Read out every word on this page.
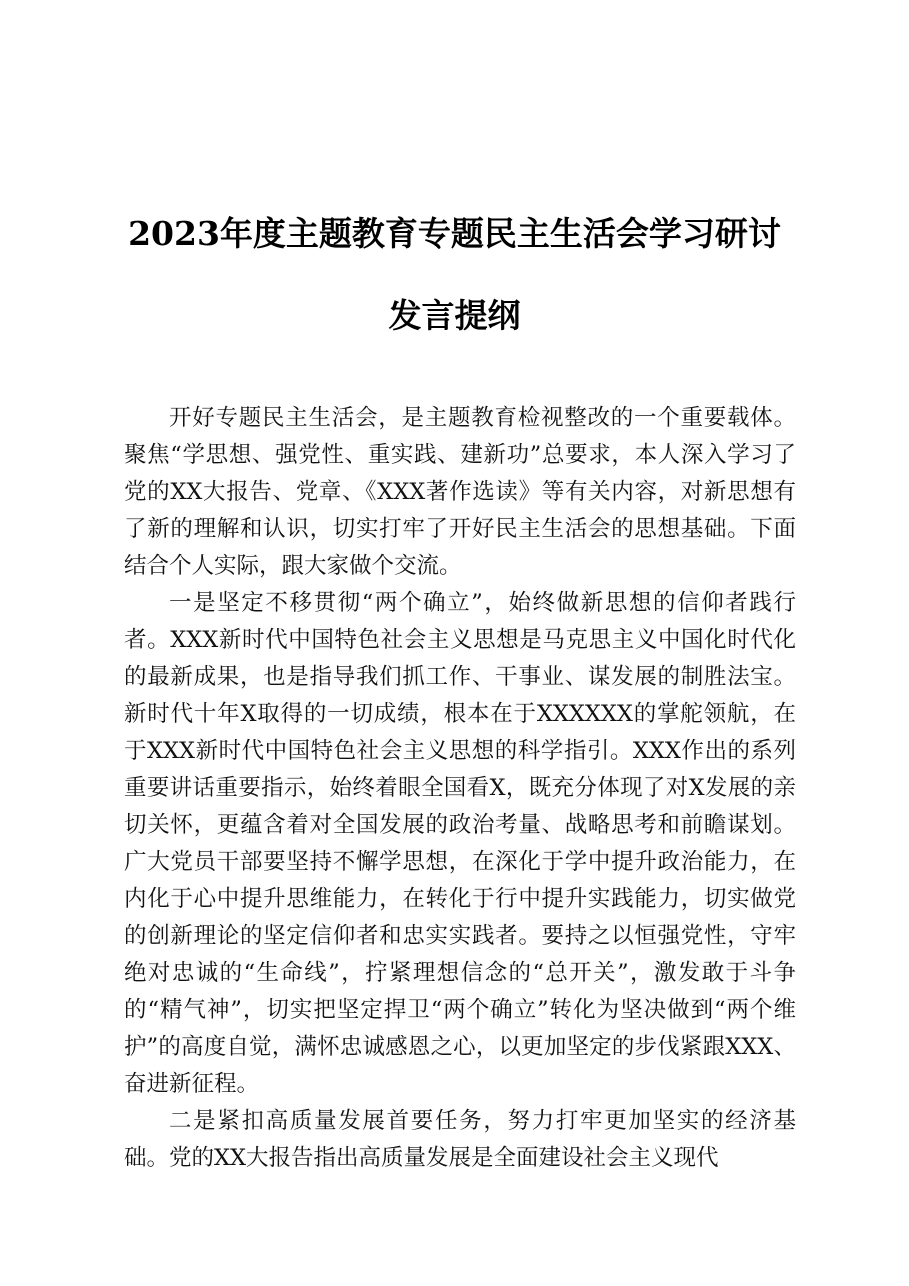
2023年度主题教育专题民主生活会学习研讨
发言提纲

开好专题民主生活会，是主题教育检视整改的一个重要载体。聚焦“学思想、强党性、重实践、建新功”总要求，本人深入学习了党的XX大报告、党章、《XXX著作选读》等有关内容，对新思想有了新的理解和认识，切实打牢了开好民主生活会的思想基础。下面结合个人实际，跟大家做个交流。

一是坚定不移贯彻“两个确立”，始终做新思想的信仰者践行者。XXX新时代中国特色社会主义思想是马克思主义中国化时代化的最新成果，也是指导我们抓工作、干事业、谋发展的制胜法宝。新时代十年X取得的一切成绩，根本在于XXXXXX的掌舵领航，在于XXX新时代中国特色社会主义思想的科学指引。XXX作出的系列重要讲话重要指示，始终着眼全国看X，既充分体现了对X发展的亲切关怀，更蕴含着对全国发展的政治考量、战略思考和前瞻谋划。广大党员干部要坚持不懈学思想，在深化于学中提升政治能力，在内化于心中提升思维能力，在转化于行中提升实践能力，切实做党的创新理论的坚定信仰者和忠实实践者。要持之以恒强党性，守牢绝对忠诚的“生命线”，拧紧理想信念的“总开关”，激发敢于斗争的“精气神”，切实把坚定捍卫“两个确立”转化为坚决做到“两个维护”的高度自觉，满怀忠诚感恩之心，以更加坚定的步伐紧跟XXX、奋进新征程。

二是紧扣高质量发展首要任务，努力打牢更加坚实的经济基础。党的XX大报告指出高质量发展是全面建设社会主义现代
